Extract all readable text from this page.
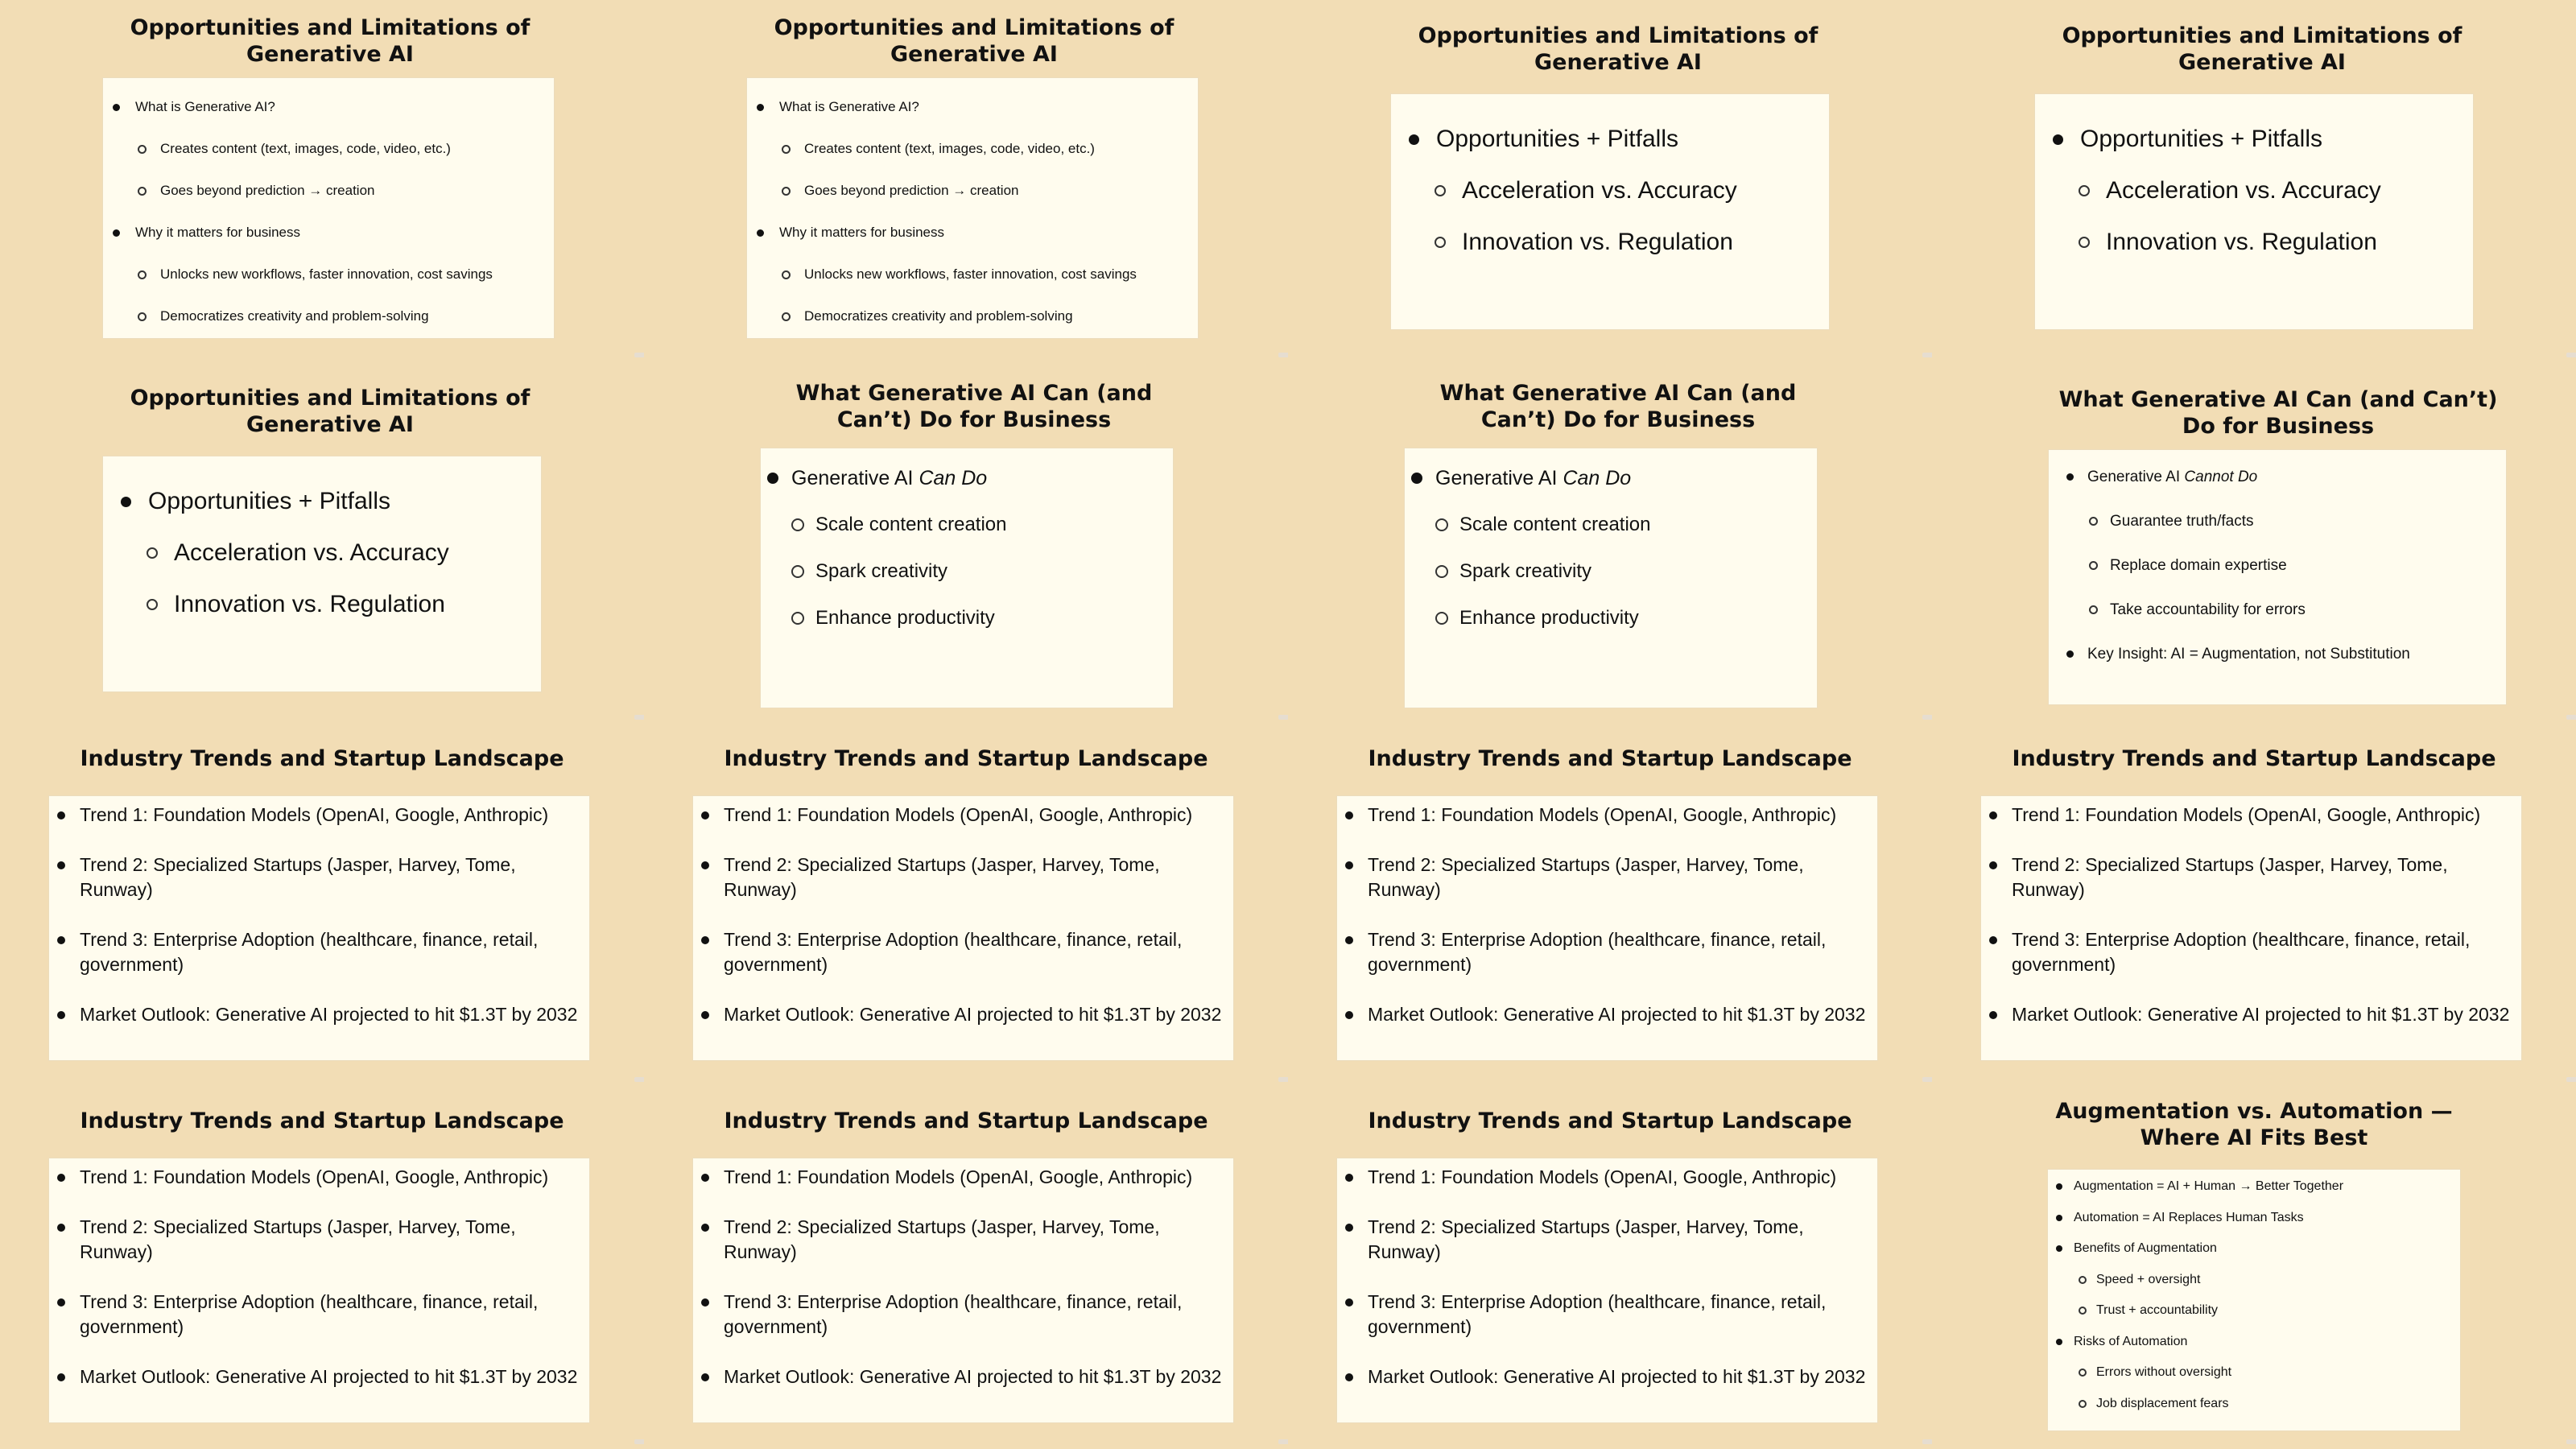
Opportunities and Limitations of Generative AI
What is Generative AI?
Creates content (text, images, code, video, etc.)
Goes beyond prediction → creation
Why it matters for business
Unlocks new workflows, faster innovation, cost savings
Democratizes creativity and problem-solving
Opportunities and Limitations of Generative AI
What is Generative AI?
Creates content (text, images, code, video, etc.)
Goes beyond prediction → creation
Why it matters for business
Unlocks new workflows, faster innovation, cost savings
Democratizes creativity and problem-solving
Opportunities and Limitations of Generative AI
Opportunities + Pitfalls
Acceleration vs. Accuracy
Innovation vs. Regulation
Opportunities and Limitations of Generative AI
Opportunities + Pitfalls
Acceleration vs. Accuracy
Innovation vs. Regulation
Opportunities and Limitations of Generative AI
Opportunities + Pitfalls
Acceleration vs. Accuracy
Innovation vs. Regulation
What Generative AI Can (and Can’t) Do for Business
Generative AI Can Do
Scale content creation
Spark creativity
Enhance productivity
What Generative AI Can (and Can’t) Do for Business
Generative AI Can Do
Scale content creation
Spark creativity
Enhance productivity
What Generative AI Can (and Can’t) Do for Business
Generative AI Cannot Do
Guarantee truth/facts
Replace domain expertise
Take accountability for errors
Key Insight: AI = Augmentation, not Substitution
Industry Trends and Startup Landscape
Trend 1: Foundation Models (OpenAI, Google, Anthropic)
Trend 2: Specialized Startups (Jasper, Harvey, Tome, Runway)
Trend 3: Enterprise Adoption (healthcare, finance, retail, government)
Market Outlook: Generative AI projected to hit $1.3T by 2032
Industry Trends and Startup Landscape
Trend 1: Foundation Models (OpenAI, Google, Anthropic)
Trend 2: Specialized Startups (Jasper, Harvey, Tome, Runway)
Trend 3: Enterprise Adoption (healthcare, finance, retail, government)
Market Outlook: Generative AI projected to hit $1.3T by 2032
Industry Trends and Startup Landscape
Trend 1: Foundation Models (OpenAI, Google, Anthropic)
Trend 2: Specialized Startups (Jasper, Harvey, Tome, Runway)
Trend 3: Enterprise Adoption (healthcare, finance, retail, government)
Market Outlook: Generative AI projected to hit $1.3T by 2032
Industry Trends and Startup Landscape
Trend 1: Foundation Models (OpenAI, Google, Anthropic)
Trend 2: Specialized Startups (Jasper, Harvey, Tome, Runway)
Trend 3: Enterprise Adoption (healthcare, finance, retail, government)
Market Outlook: Generative AI projected to hit $1.3T by 2032
Industry Trends and Startup Landscape
Trend 1: Foundation Models (OpenAI, Google, Anthropic)
Trend 2: Specialized Startups (Jasper, Harvey, Tome, Runway)
Trend 3: Enterprise Adoption (healthcare, finance, retail, government)
Market Outlook: Generative AI projected to hit $1.3T by 2032
Industry Trends and Startup Landscape
Trend 1: Foundation Models (OpenAI, Google, Anthropic)
Trend 2: Specialized Startups (Jasper, Harvey, Tome, Runway)
Trend 3: Enterprise Adoption (healthcare, finance, retail, government)
Market Outlook: Generative AI projected to hit $1.3T by 2032
Industry Trends and Startup Landscape
Trend 1: Foundation Models (OpenAI, Google, Anthropic)
Trend 2: Specialized Startups (Jasper, Harvey, Tome, Runway)
Trend 3: Enterprise Adoption (healthcare, finance, retail, government)
Market Outlook: Generative AI projected to hit $1.3T by 2032
Augmentation vs. Automation — Where AI Fits Best
Augmentation = AI + Human → Better Together
Automation = AI Replaces Human Tasks
Benefits of Augmentation
Speed + oversight
Trust + accountability
Risks of Automation
Errors without oversight
Job displacement fears
